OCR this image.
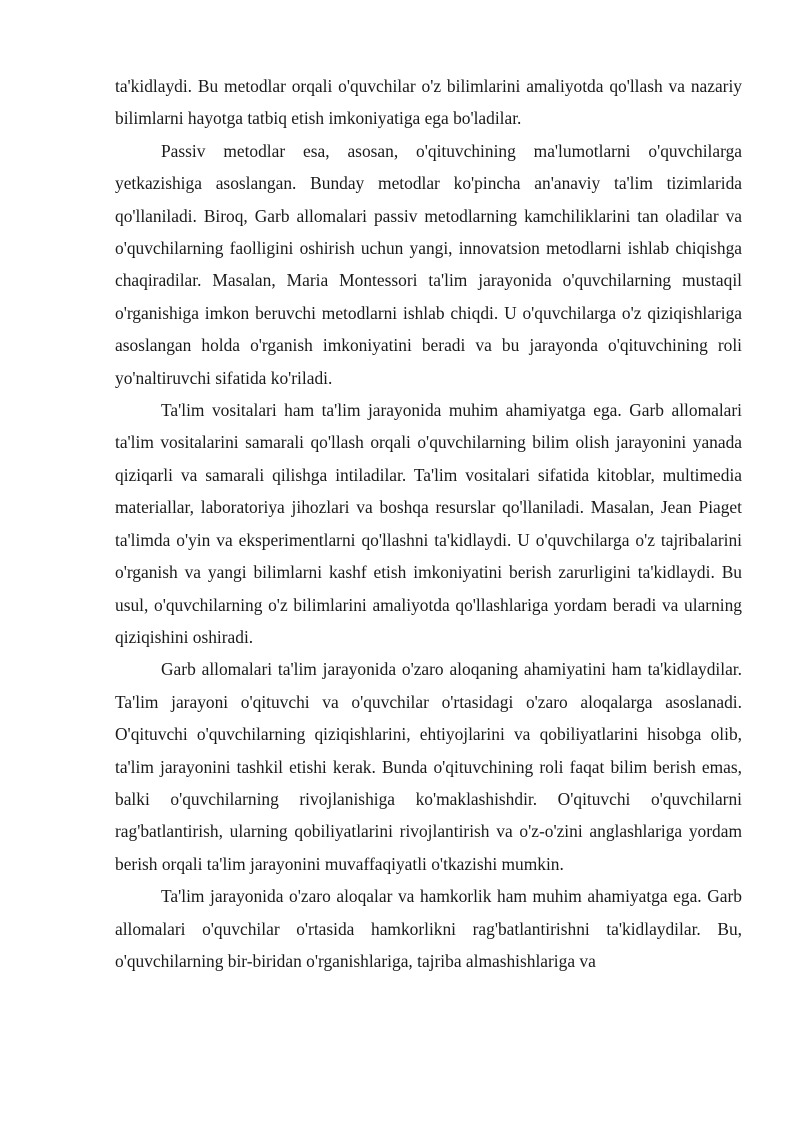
ta'kidlaydi. Bu metodlar orqali o'quvchilar o'z bilimlarini amaliyotda qo'llash va nazariy bilimlarni hayotga tatbiq etish imkoniyatiga ega bo'ladilar.

Passiv metodlar esa, asosan, o'qituvchining ma'lumotlarni o'quvchilarga yetkazishiga asoslangan. Bunday metodlar ko'pincha an'anaviy ta'lim tizimlarida qo'llaniladi. Biroq, Garb allomalari passiv metodlarning kamchiliklarini tan oladilar va o'quvchilarning faolligini oshirish uchun yangi, innovatsion metodlarni ishlab chiqishga chaqiradilar. Masalan, Maria Montessori ta'lim jarayonida o'quvchilarning mustaqil o'rganishiga imkon beruvchi metodlarni ishlab chiqdi. U o'quvchilarga o'z qiziqishlariga asoslangan holda o'rganish imkoniyatini beradi va bu jarayonda o'qituvchining roli yo'naltiruvchi sifatida ko'riladi.

Ta'lim vositalari ham ta'lim jarayonida muhim ahamiyatga ega. Garb allomalari ta'lim vositalarini samarali qo'llash orqali o'quvchilarning bilim olish jarayonini yanada qiziqarli va samarali qilishga intiladilar. Ta'lim vositalari sifatida kitoblar, multimedia materiallar, laboratoriya jihozlari va boshqa resurslar qo'llaniladi. Masalan, Jean Piaget ta'limda o'yin va eksperimentlarni qo'llashni ta'kidlaydi. U o'quvchilarga o'z tajribalarini o'rganish va yangi bilimlarni kashf etish imkoniyatini berish zarurligini ta'kidlaydi. Bu usul, o'quvchilarning o'z bilimlarini amaliyotda qo'llashlariga yordam beradi va ularning qiziqishini oshiradi.

Garb allomalari ta'lim jarayonida o'zaro aloqaning ahamiyatini ham ta'kidlaydilar. Ta'lim jarayoni o'qituvchi va o'quvchilar o'rtasidagi o'zaro aloqalarga asoslanadi. O'qituvchi o'quvchilarning qiziqishlarini, ehtiyojlarini va qobiliyatlarini hisobga olib, ta'lim jarayonini tashkil etishi kerak. Bunda o'qituvchining roli faqat bilim berish emas, balki o'quvchilarning rivojlanishiga ko'maklashishdir. O'qituvchi o'quvchilarni rag'batlantirish, ularning qobiliyatlarini rivojlantirish va o'z-o'zini anglashlariga yordam berish orqali ta'lim jarayonini muvaffaqiyatli o'tkazishi mumkin.

Ta'lim jarayonida o'zaro aloqalar va hamkorlik ham muhim ahamiyatga ega. Garb allomalari o'quvchilar o'rtasida hamkorlikni rag'batlantirishni ta'kidlaydilar. Bu, o'quvchilarning bir-biridan o'rganishlariga, tajriba almashishlariga va
